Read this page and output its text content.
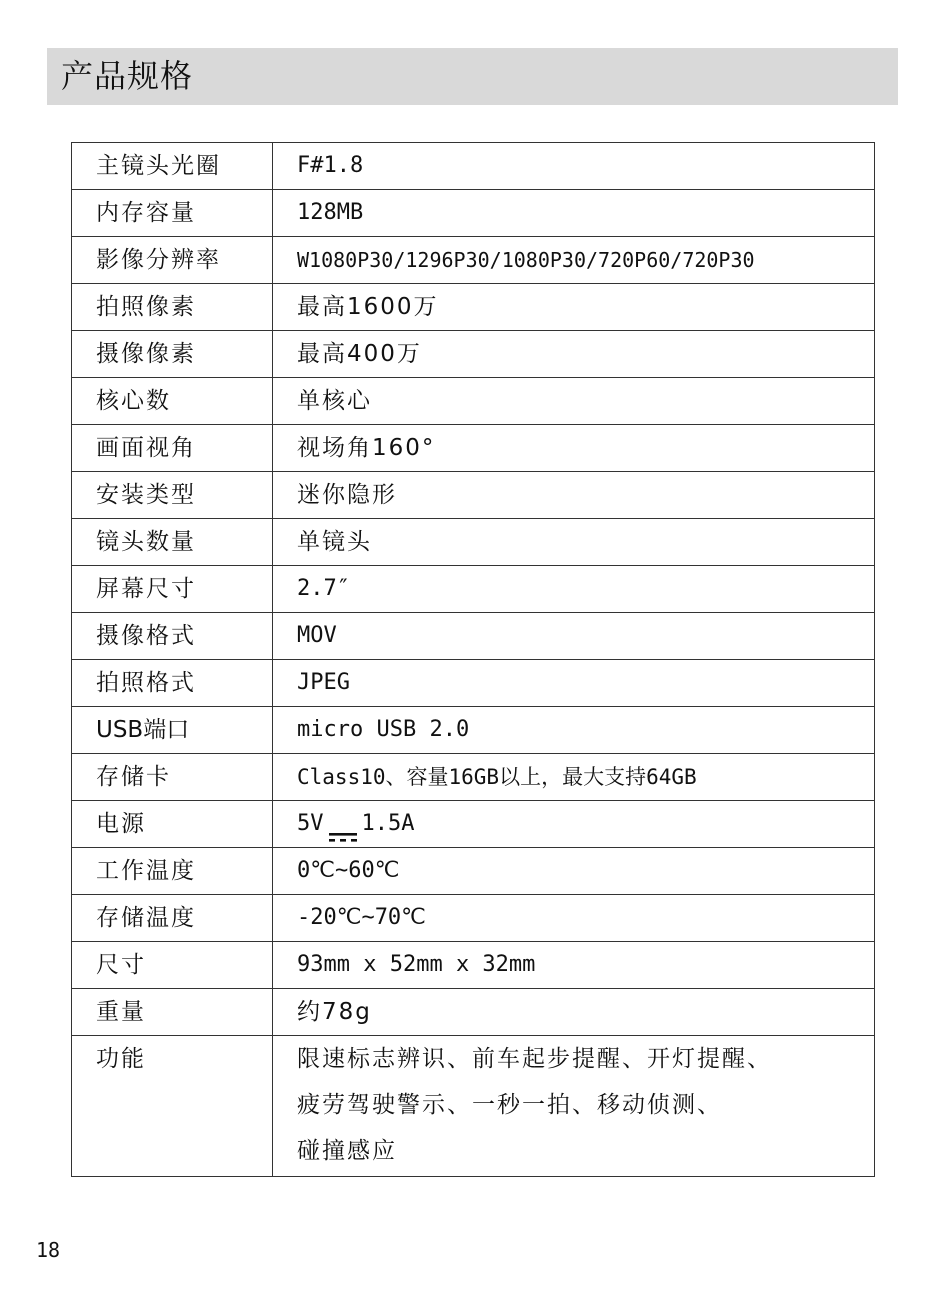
产品规格
主镜头光圈	F#1.8
内存容量	128MB
影像分辨率	W1080P30/1296P30/1080P30/720P60/720P30
拍照像素	最高1600万
摄像像素	最高400万
核心数	单核心
画面视角	视场角160°
安装类型	迷你隐形
镜头数量	单镜头
屏幕尺寸	2.7″
摄像格式	MOV
拍照格式	JPEG
USB端口	micro USB 2.0
存储卡	Class10、容量16GB以上，最大支持64GB
电源	5V 1.5A
工作温度	0℃~60℃
存储温度	-20℃~70℃
尺寸	93mm x 52mm x 32mm
重量	约78g
功能	限速标志辨识、前车起步提醒、开灯提醒、
疲劳驾驶警示、一秒一拍、移动侦测、
碰撞感应
18
